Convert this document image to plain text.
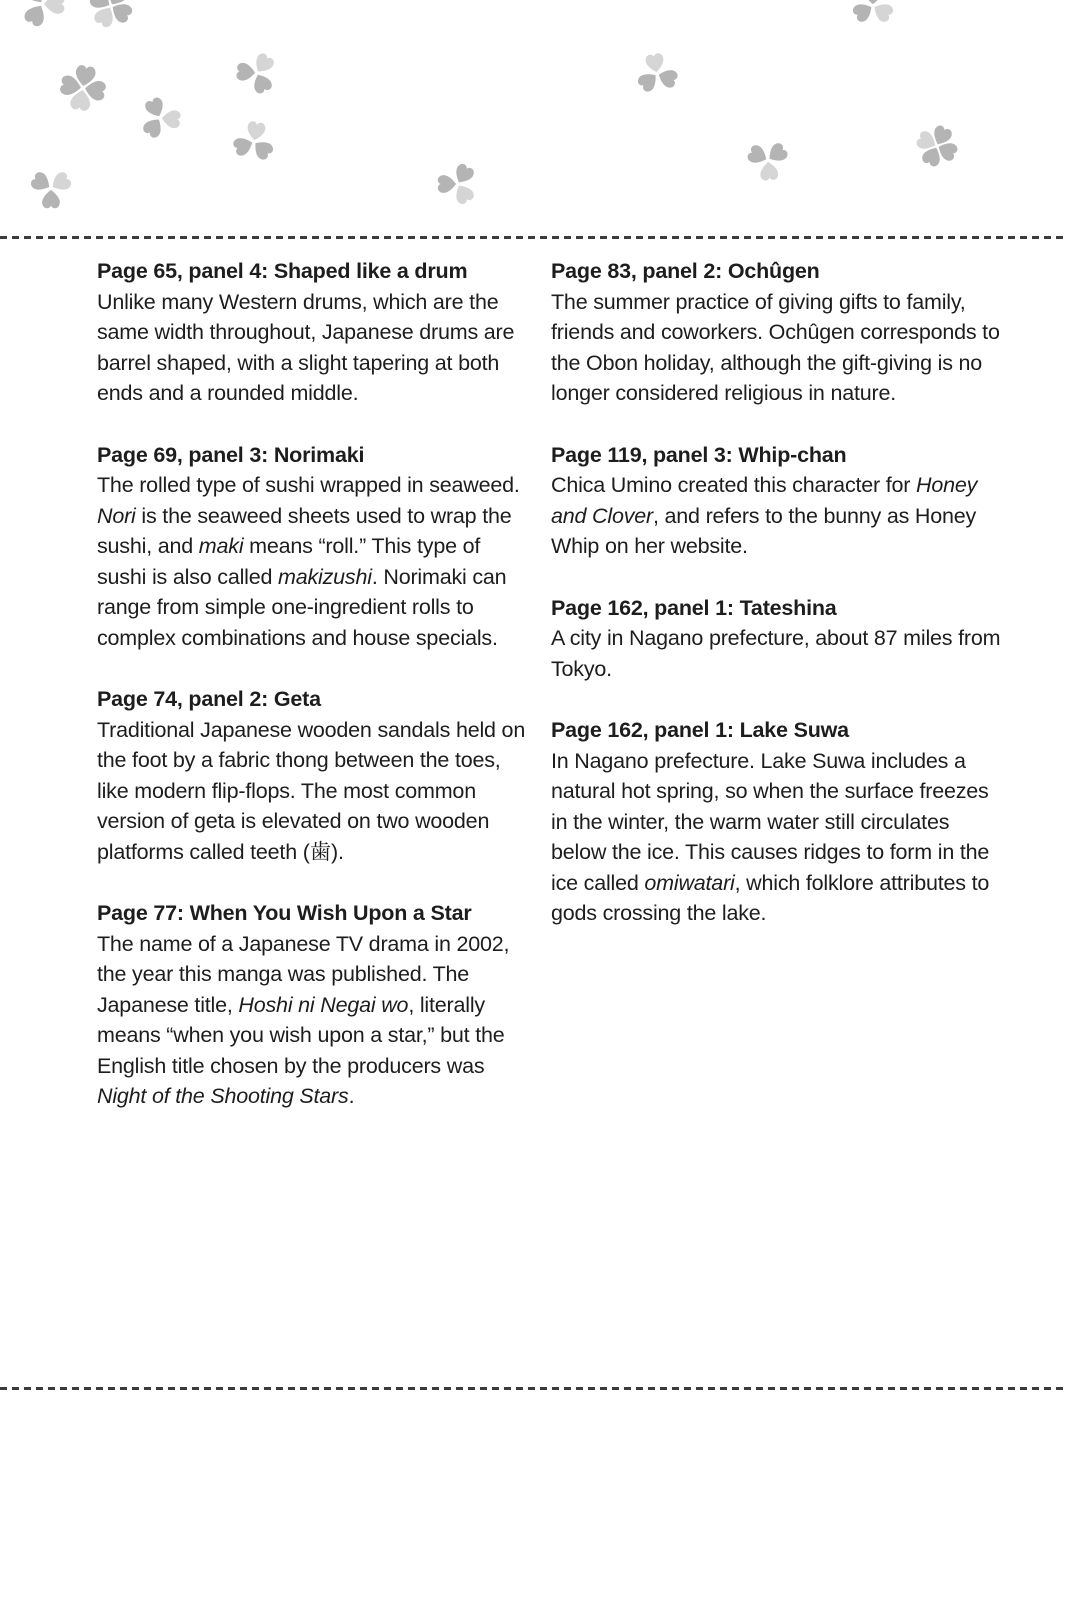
Page 65, panel 4: Shaped like a drum

Unlike many Western drums, which are the same width throughout, Japanese drums are barrel shaped, with a slight tapering at both ends and a rounded middle.

Page 69, panel 3: Norimaki

The rolled type of sushi wrapped in seaweed. Nori is the seaweed sheets used to wrap the sushi, and maki means “roll.” This type of sushi is also called makizushi. Norimaki can range from simple one-ingredient rolls to complex combinations and house specials.

Page 74, panel 2: Geta

Traditional Japanese wooden sandals held on the foot by a fabric thong between the toes, like modern flip-flops. The most common version of geta is elevated on two wooden platforms called teeth (歯).

Page 77: When You Wish Upon a Star

The name of a Japanese TV drama in 2002, the year this manga was published. The Japanese title, Hoshi ni Negai wo, literally means “when you wish upon a star,” but the English title chosen by the producers was Night of the Shooting Stars.

Page 83, panel 2: Ochûgen

The summer practice of giving gifts to family, friends and coworkers. Ochûgen corresponds to the Obon holiday, although the gift-giving is no longer considered religious in nature.

Page 119, panel 3: Whip-chan

Chica Umino created this character for Honey and Clover, and refers to the bunny as Honey Whip on her website.

Page 162, panel 1: Tateshina

A city in Nagano prefecture, about 87 miles from Tokyo.

Page 162, panel 1: Lake Suwa

In Nagano prefecture. Lake Suwa includes a natural hot spring, so when the surface freezes in the winter, the warm water still circulates below the ice. This causes ridges to form in the ice called omiwatari, which folklore attributes to gods crossing the lake.
